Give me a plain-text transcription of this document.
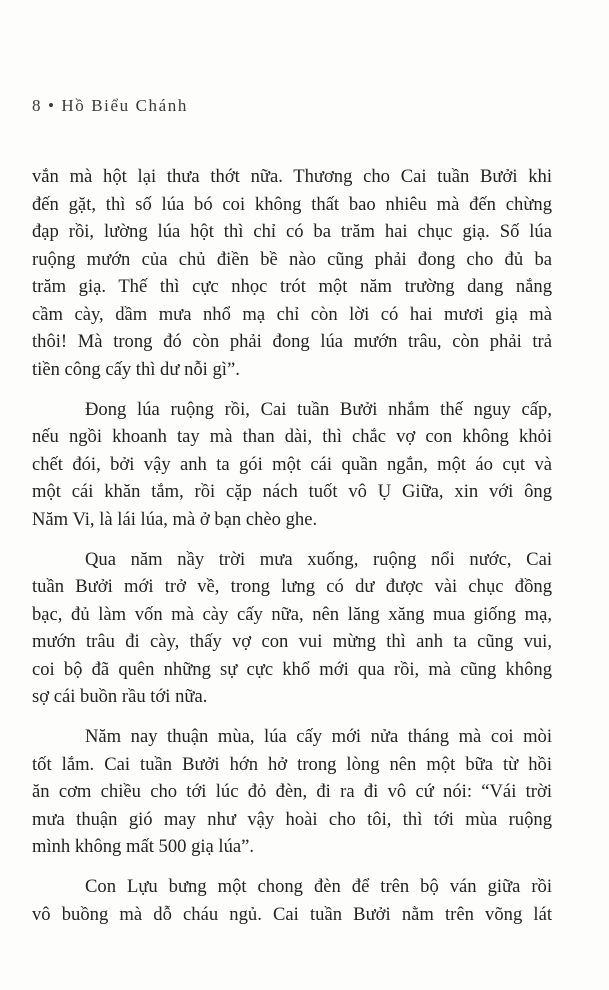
8 • Hồ Biểu Chánh
vắn mà hột lại thưa thớt nữa. Thương cho Cai tuần Bưởi khi
đến gặt, thì số lúa bó coi không thất bao nhiêu mà đến chừng
đạp rồi, lường lúa hột thì chỉ có ba trăm hai chục giạ. Số lúa
ruộng mướn của chủ điền bề nào cũng phải đong cho đủ ba
trăm giạ. Thế thì cực nhọc trót một năm trường dang nắng
cầm cày, dầm mưa nhổ mạ chỉ còn lời có hai mươi giạ mà
thôi! Mà trong đó còn phải đong lúa mướn trâu, còn phải trả
tiền công cấy thì dư nỗi gì”.
Đong lúa ruộng rồi, Cai tuần Bưởi nhắm thế nguy cấp,
nếu ngồi khoanh tay mà than dài, thì chắc vợ con không khỏi
chết đói, bởi vậy anh ta gói một cái quần ngắn, một áo cụt và
một cái khăn tắm, rồi cặp nách tuốt vô Ụ Giữa, xin với ông
Năm Vi, là lái lúa, mà ở bạn chèo ghe.
Qua năm nầy trời mưa xuống, ruộng nổi nước, Cai
tuần Bưởi mới trở về, trong lưng có dư được vài chục đồng
bạc, đủ làm vốn mà cày cấy nữa, nên lăng xăng mua giống mạ,
mướn trâu đi cày, thấy vợ con vui mừng thì anh ta cũng vui,
coi bộ đã quên những sự cực khổ mới qua rồi, mà cũng không
sợ cái buồn rầu tới nữa.
Năm nay thuận mùa, lúa cấy mới nửa tháng mà coi mòi
tốt lắm. Cai tuần Bưởi hớn hở trong lòng nên một bữa từ hồi
ăn cơm chiều cho tới lúc đỏ đèn, đi ra đi vô cứ nói: “Vái trời
mưa thuận gió may như vậy hoài cho tôi, thì tới mùa ruộng
mình không mất 500 giạ lúa”.
Con Lựu bưng một chong đèn để trên bộ ván giữa rồi
vô buồng mà dỗ cháu ngủ. Cai tuần Bưởi nằm trên võng lát
